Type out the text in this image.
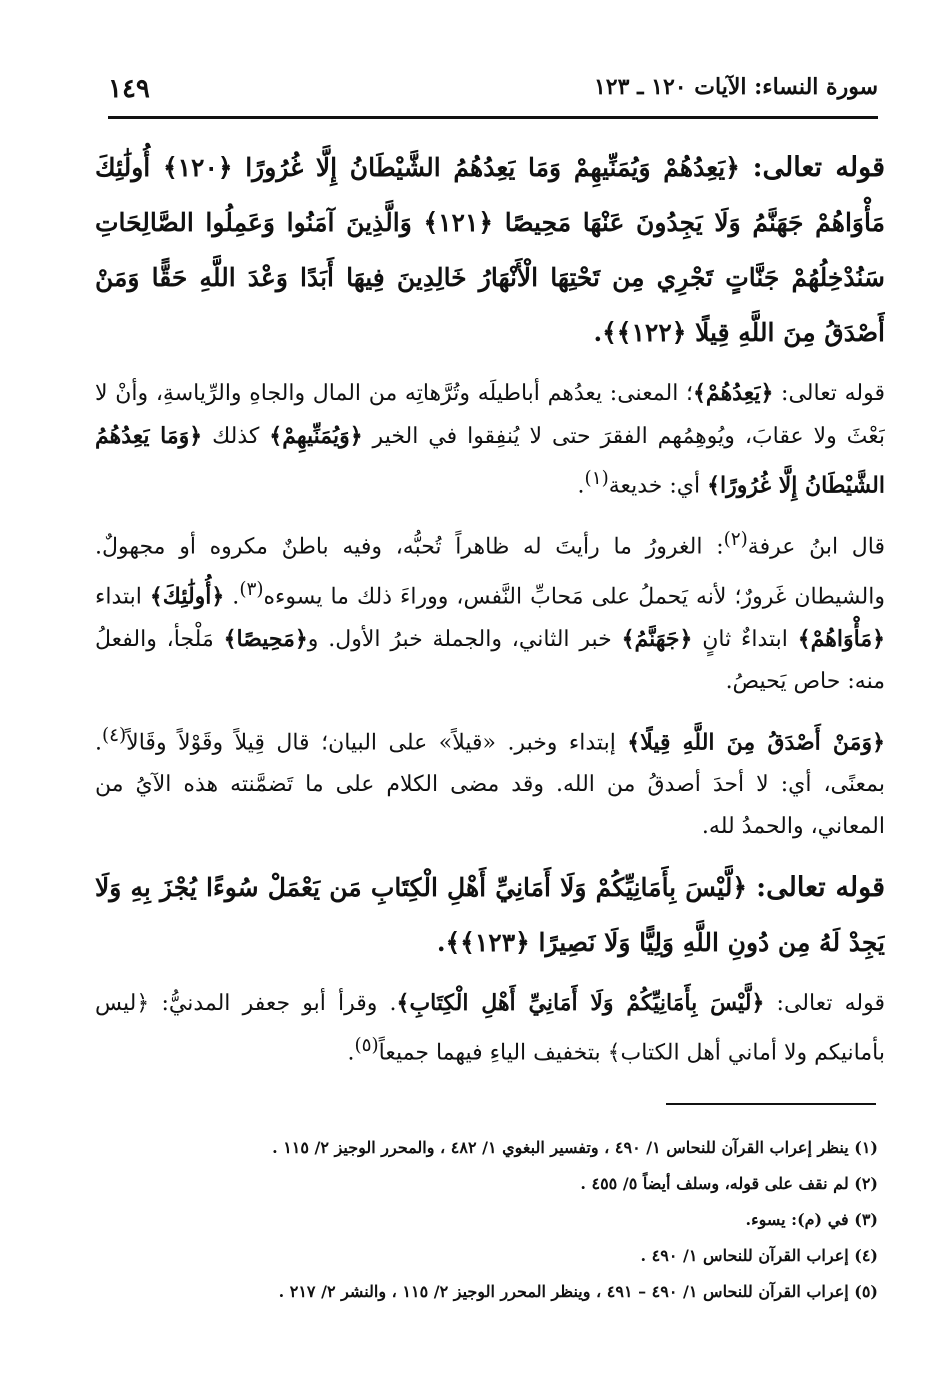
١٤٩	سورة النساء: الآيات ١٢٠ ـ ١٢٣

قوله تعالى: ﴿يَعِدُهُمْ وَيُمَنِّيهِمْ وَمَا يَعِدُهُمُ الشَّيْطَانُ إِلَّا غُرُورًا ﴿١٢٠﴾ أُولَٰئِكَ مَأْوَاهُمْ جَهَنَّمُ وَلَا يَجِدُونَ عَنْهَا مَحِيصًا ﴿١٢١﴾ وَالَّذِينَ آمَنُوا وَعَمِلُوا الصَّالِحَاتِ سَنُدْخِلُهُمْ جَنَّاتٍ تَجْرِي مِن تَحْتِهَا الْأَنْهَارُ خَالِدِينَ فِيهَا أَبَدًا وَعْدَ اللَّهِ حَقًّا وَمَنْ أَصْدَقُ مِنَ اللَّهِ قِيلًا ﴿١٢٢﴾﴾.

قوله تعالى: ﴿يَعِدُهُمْ﴾؛ المعنى: يعدُهم أباطيلَه وتُرَّهاتِه من المال والجاهِ والرِّياسةِ، وأنْ لا بَعْثَ ولا عقابَ، ويُوهِمُهم الفقرَ حتى لا يُنفِقوا في الخير ﴿وَيُمَنِّيهِمْ﴾ كذلك ﴿وَمَا يَعِدُهُمُ الشَّيْطَانُ إِلَّا غُرُورًا﴾ أي: خديعة$^{(١)}$.

قال ابنُ عرفة$^{(٢)}$: الغرورُ ما رأيتَ له ظاهراً تُحبُّه، وفيه باطنٌ مكروه أو مجهولٌ. والشيطان غَرورٌ؛ لأنه يَحملُ على مَحابِّ النَّفس، ووراءَ ذلك ما يسوءه$^{(٣)}$. ﴿أُولَٰئِكَ﴾ ابتداء ﴿مَأْوَاهُمْ﴾ ابتداءٌ ثانٍ ﴿جَهَنَّمُ﴾ خبر الثاني، والجملة خبرُ الأول. و﴿مَحِيصًا﴾ مَلْجأ، والفعلُ منه: حاص يَحيصُ.

﴿وَمَنْ أَصْدَقُ مِنَ اللَّهِ قِيلًا﴾ إبتداء وخبر. «قيلاً» على البيان؛ قال قِيلاً وقَوْلاً وقَالاً$^{(٤)}$. بمعنًى، أي: لا أحدَ أصدقُ من الله. وقد مضى الكلام على ما تَضمَّنته هذه الآيُ من المعاني، والحمدُ لله.

قوله تعالى: ﴿لَّيْسَ بِأَمَانِيِّكُمْ وَلَا أَمَانِيِّ أَهْلِ الْكِتَابِ مَن يَعْمَلْ سُوءًا يُجْزَ بِهِ وَلَا يَجِدْ لَهُ مِن دُونِ اللَّهِ وَلِيًّا وَلَا نَصِيرًا ﴿١٢٣﴾﴾.

قوله تعالى: ﴿لَّيْسَ بِأَمَانِيِّكُمْ وَلَا أَمَانِيِّ أَهْلِ الْكِتَابِ﴾. وقرأ أبو جعفر المدنيُّ: ﴿ليس بأمانيكم ولا أماني أهل الكتاب﴾ بتخفيف الياءِ فيهما جميعاً$^{(٥)}$.

(١) ينظر إعراب القرآن للنحاس ١/ ٤٩٠ ، وتفسير البغوي ١/ ٤٨٢ ، والمحرر الوجيز ٢/ ١١٥ .

(٢) لم نقف على قوله، وسلف أيضاً ٥/ ٤٥٥ .

(٣) في (م): يسوء.

(٤) إعراب القرآن للنحاس ١/ ٤٩٠ .

(٥) إعراب القرآن للنحاس ١/ ٤٩٠ – ٤٩١ ، وينظر المحرر الوجيز ٢/ ١١٥ ، والنشر ٢/ ٢١٧ .
